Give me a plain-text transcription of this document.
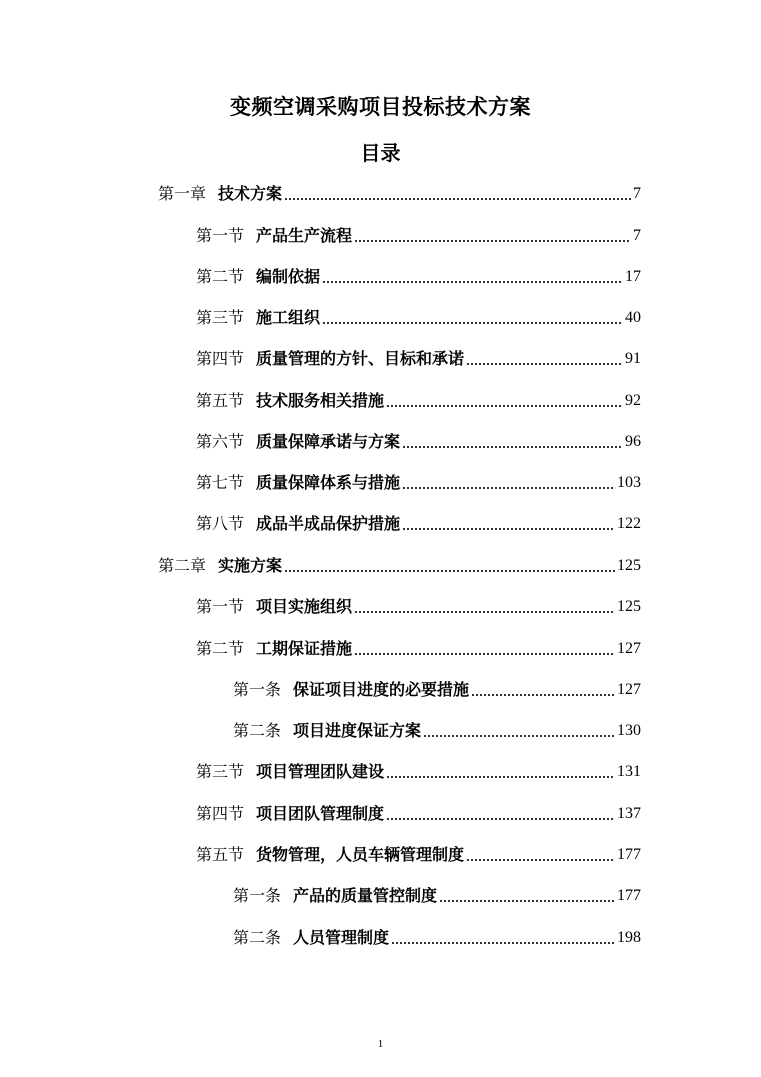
变频空调采购项目投标技术方案
目录
第一章 技术方案	7
第一节 产品生产流程	7
第二节 编制依据	17
第三节 施工组织	40
第四节 质量管理的方针、目标和承诺	91
第五节 技术服务相关措施	92
第六节 质量保障承诺与方案	96
第七节 质量保障体系与措施	103
第八节 成品半成品保护措施	122
第二章 实施方案	125
第一节 项目实施组织	125
第二节 工期保证措施	127
第一条 保证项目进度的必要措施	127
第二条 项目进度保证方案	130
第三节 项目管理团队建设	131
第四节 项目团队管理制度	137
第五节 货物管理，人员车辆管理制度	177
第一条 产品的质量管控制度	177
第二条 人员管理制度	198
1
